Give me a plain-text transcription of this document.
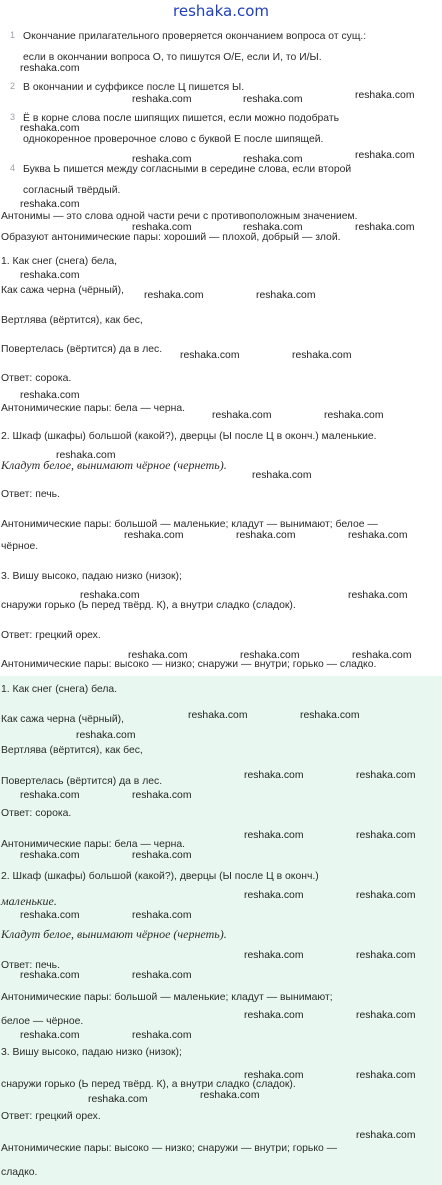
reshaka.com
1 Окончание прилагательного проверяется окончанием вопроса от сущ.:
если в окончании вопроса О, то пишутся О/Е, если И, то И/Ы.
2 В окончании и суффиксе после Ц пишется Ы.
3 Ё в корне слова после шипящих пишется, если можно подобрать
однокоренное проверочное слово с буквой Е после шипящей.
4 Буква Ь пишется между согласными в середине слова, если второй
согласный твёрдый.
Антонимы — это слова одной части речи с противоположным значением.
Образуют антонимические пары: хороший — плохой, добрый — злой.
1. Как снег (снега) бела,
Как сажа черна (чёрный),
Вертлява (вёртится), как бес,
Повертелась (вёртится) да в лес.
Ответ: сорока.
Антонимические пары: бела — черна.
2. Шкаф (шкафы) большой (какой?), дверцы (Ы после Ц в оконч.) маленькие.
Кладут белое, вынимают чёрное (чернеть).
Ответ: печь.
Антонимические пары: большой — маленькие; кладут — вынимают; белое —
чёрное.
3. Вишу высоко, падаю низко (низок);
снаружи горько (Ь перед твёрд. К), а внутри сладко (сладок).
Ответ: грецкий орех.
Антонимические пары: высоко — низко; снаружи — внутри; горько — сладко.
1. Как снег (снега) бела.
Как сажа черна (чёрный),
Вертлява (вёртится), как бес,
Повертелась (вёртится) да в лес.
Ответ: сорока.
Антонимические пары: бела — черна.
2. Шкаф (шкафы) большой (какой?), дверцы (Ы после Ц в оконч.)
маленькие.
Кладут белое, вынимают чёрное (чернеть).
Ответ: печь.
Антонимические пары: большой — маленькие; кладут — вынимают;
белое — чёрное.
3. Вишу высоко, падаю низко (низок);
снаружи горько (Ь перед твёрд. К), а внутри сладко (сладок).
Ответ: грецкий орех.
Антонимические пары: высоко — низко; снаружи — внутри; горько —
сладко.
reshaka.com
reshaka.com	reshaka.com	reshaka.com
reshaka.com
reshaka.com	reshaka.com	reshaka.com
reshaka.com
reshaka.com	reshaka.com	reshaka.com
reshaka.com
reshaka.com	reshaka.com
reshaka.com	reshaka.com
reshaka.com
reshaka.com	reshaka.com
reshaka.com
reshaka.com
reshaka.com	reshaka.com	reshaka.com
reshaka.com	reshaka.com
reshaka.com	reshaka.com	reshaka.com
reshaka.com	reshaka.com
reshaka.com
reshaka.com	reshaka.com
reshaka.com	reshaka.com
reshaka.com	reshaka.com
reshaka.com	reshaka.com
reshaka.com	reshaka.com
reshaka.com	reshaka.com
reshaka.com	reshaka.com
reshaka.com	reshaka.com
reshaka.com	reshaka.com
reshaka.com	reshaka.com
reshaka.com	reshaka.com
reshaka.com
reshaka.com
reshaka.com
